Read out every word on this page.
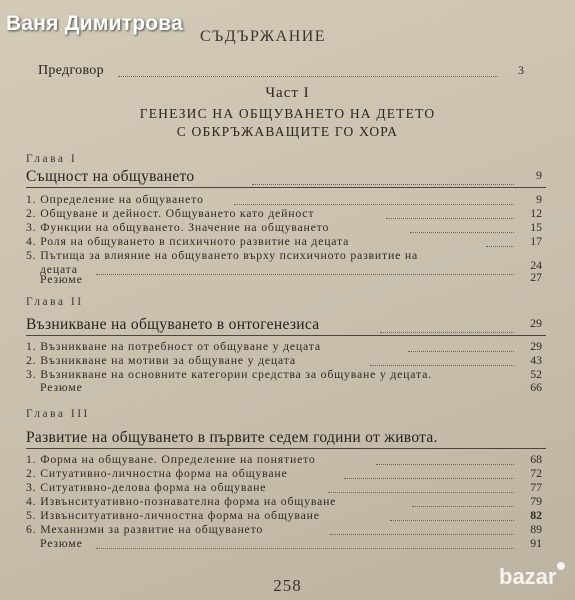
Ваня Димитрова
СЪДЪРЖАНИЕ
Предговор	3
Част I
ГЕНЕЗИС НА ОБЩУВАНЕТО НА ДЕТЕТО
С ОБКРЪЖАВАЩИТЕ ГО ХОРА
Глава I
Същност на общуването	9
1. Определение на общуването	9
2. Общуване и дейност. Общуването като дейност	12
3. Функции на общуването. Значение на общуването	15
4. Роля на общуването в психичното развитие на децата	17
5. Пътища за влияние на общуването върху психичното развитие на
децата	24
Резюме	27
Глава II
Възникване на общуването в онтогенезиса	29
1. Възникване на потребност от общуване у децата	29
2. Възникване на мотиви за общуване у децата	43
3. Възникване на основните категории средства за общуване у децата.	52
Резюме	66
Глава III
Развитие на общуването в първите седем години от живота.
1. Форма на общуване. Определение на понятието	68
2. Ситуативно-личностна форма на общуване	72
3. Ситуативно-делова форма на общуване	77
4. Извънситуативно-познавателна форма на общуване	79
5. Извънситуативно-личностна форма на общуване	82
6. Механизми за развитие на общуването	89
Резюме	91
258	bazar
